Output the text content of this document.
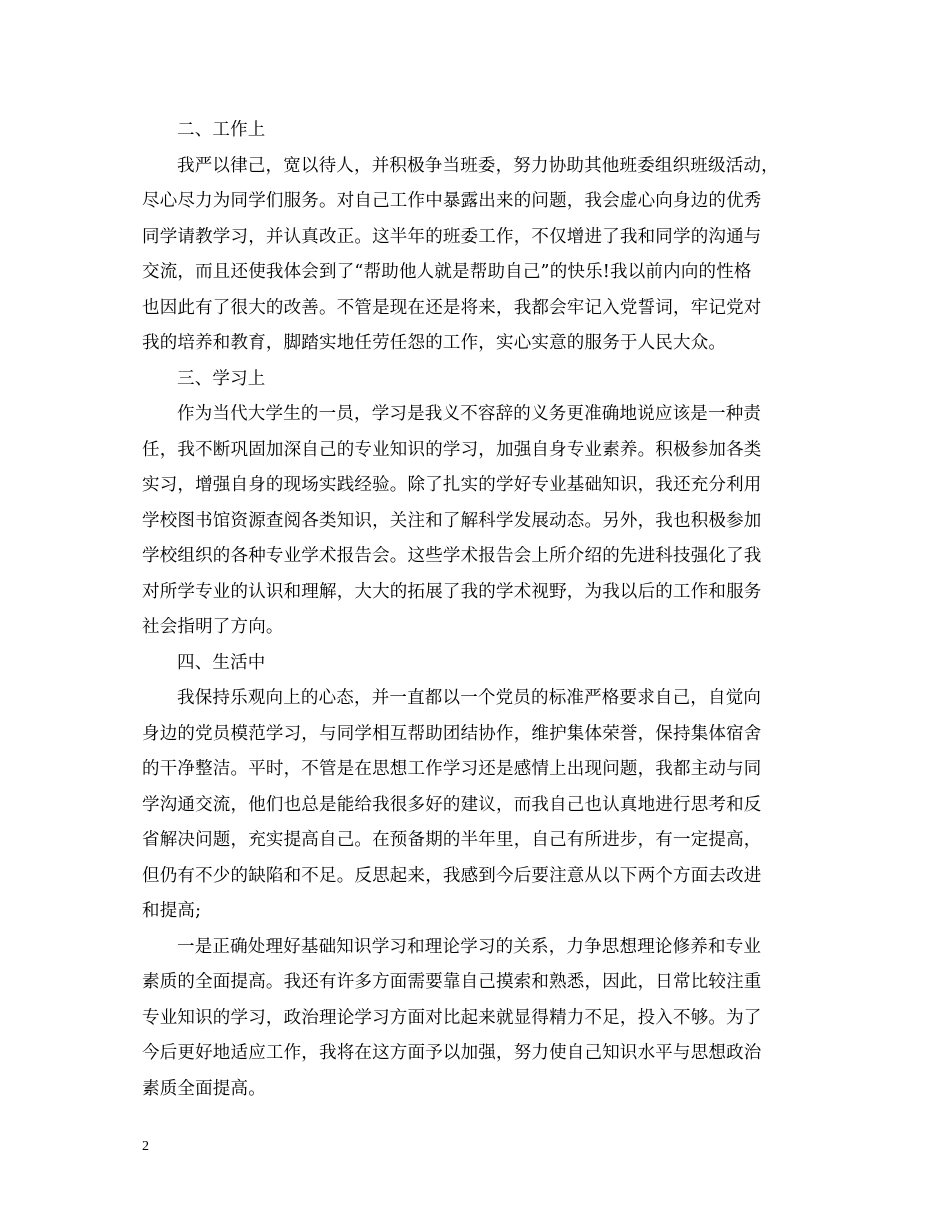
二、工作上
我严以律己，宽以待人，并积极争当班委，努力协助其他班委组织班级活动，
尽心尽力为同学们服务。对自己工作中暴露出来的问题，我会虚心向身边的优秀
同学请教学习，并认真改正。这半年的班委工作，不仅增进了我和同学的沟通与
交流，而且还使我体会到了“帮助他人就是帮助自己”的快乐!我以前内向的性格
也因此有了很大的改善。不管是现在还是将来，我都会牢记入党誓词，牢记党对
我的培养和教育，脚踏实地任劳任怨的工作，实心实意的服务于人民大众。
三、学习上
作为当代大学生的一员，学习是我义不容辞的义务更准确地说应该是一种责
任，我不断巩固加深自己的专业知识的学习，加强自身专业素养。积极参加各类
实习，增强自身的现场实践经验。除了扎实的学好专业基础知识，我还充分利用
学校图书馆资源查阅各类知识，关注和了解科学发展动态。另外，我也积极参加
学校组织的各种专业学术报告会。这些学术报告会上所介绍的先进科技强化了我
对所学专业的认识和理解，大大的拓展了我的学术视野，为我以后的工作和服务
社会指明了方向。
四、生活中
我保持乐观向上的心态，并一直都以一个党员的标准严格要求自己，自觉向
身边的党员模范学习，与同学相互帮助团结协作，维护集体荣誉，保持集体宿舍
的干净整洁。平时，不管是在思想工作学习还是感情上出现问题，我都主动与同
学沟通交流，他们也总是能给我很多好的建议，而我自己也认真地进行思考和反
省解决问题，充实提高自己。在预备期的半年里，自己有所进步，有一定提高，
但仍有不少的缺陷和不足。反思起来，我感到今后要注意从以下两个方面去改进
和提高;
一是正确处理好基础知识学习和理论学习的关系，力争思想理论修养和专业
素质的全面提高。我还有许多方面需要靠自己摸索和熟悉，因此，日常比较注重
专业知识的学习，政治理论学习方面对比起来就显得精力不足，投入不够。为了
今后更好地适应工作，我将在这方面予以加强，努力使自己知识水平与思想政治
素质全面提高。
2
